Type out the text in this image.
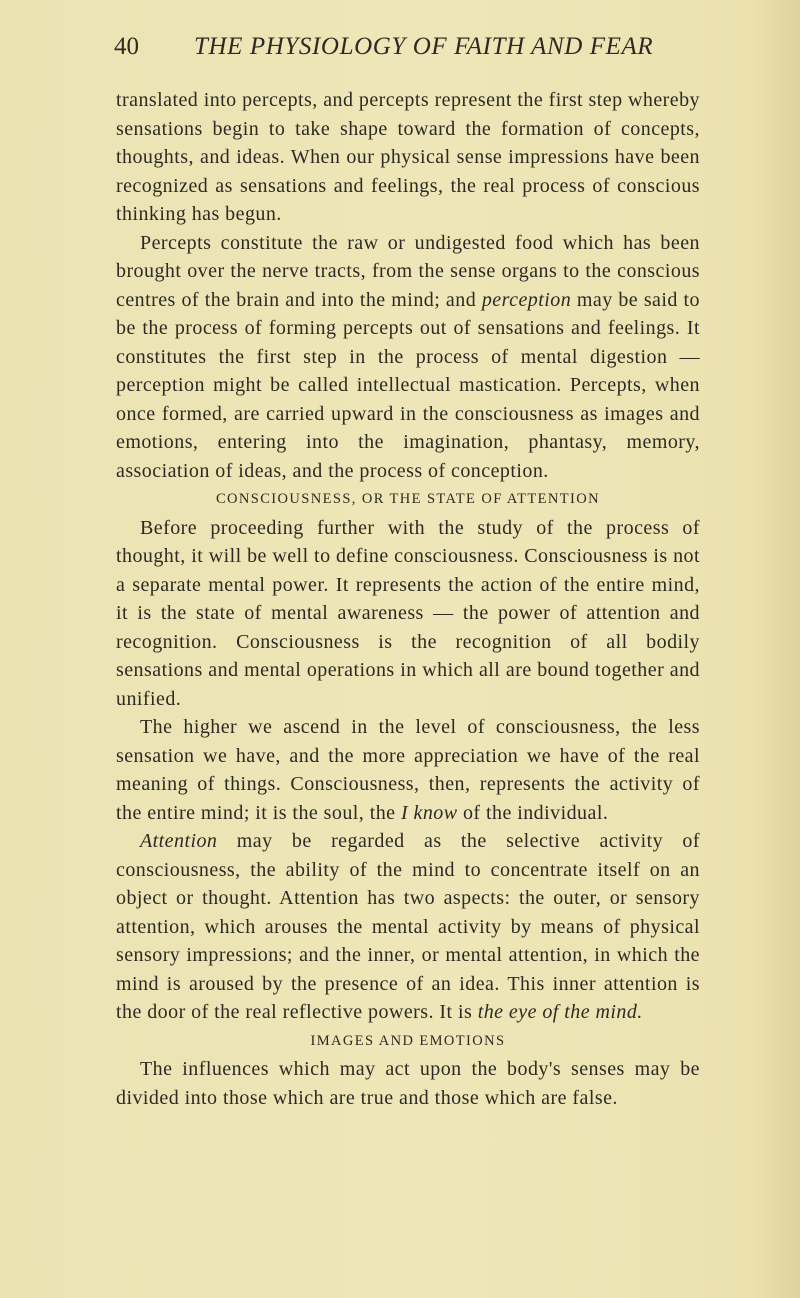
40 THE PHYSIOLOGY OF FAITH AND FEAR

translated into percepts, and percepts represent the first step whereby sensations begin to take shape toward the formation of concepts, thoughts, and ideas. When our physical sense impressions have been recognized as sensations and feelings, the real process of conscious thinking has begun.

Percepts constitute the raw or undigested food which has been brought over the nerve tracts, from the sense organs to the conscious centres of the brain and into the mind; and perception may be said to be the process of forming percepts out of sensations and feelings. It constitutes the first step in the process of mental digestion — perception might be called intellectual mastication. Percepts, when once formed, are carried upward in the consciousness as images and emotions, entering into the imagination, phantasy, memory, association of ideas, and the process of conception.

CONSCIOUSNESS, OR THE STATE OF ATTENTION

Before proceeding further with the study of the process of thought, it will be well to define consciousness. Consciousness is not a separate mental power. It represents the action of the entire mind, it is the state of mental awareness — the power of attention and recognition. Consciousness is the recognition of all bodily sensations and mental operations in which all are bound together and unified.

The higher we ascend in the level of consciousness, the less sensation we have, and the more appreciation we have of the real meaning of things. Consciousness, then, represents the activity of the entire mind; it is the soul, the I know of the individual.

Attention may be regarded as the selective activity of consciousness, the ability of the mind to concentrate itself on an object or thought. Attention has two aspects: the outer, or sensory attention, which arouses the mental activity by means of physical sensory impressions; and the inner, or mental attention, in which the mind is aroused by the presence of an idea. This inner attention is the door of the real reflective powers. It is the eye of the mind.

IMAGES AND EMOTIONS

The influences which may act upon the body's senses may be divided into those which are true and those which are false.
